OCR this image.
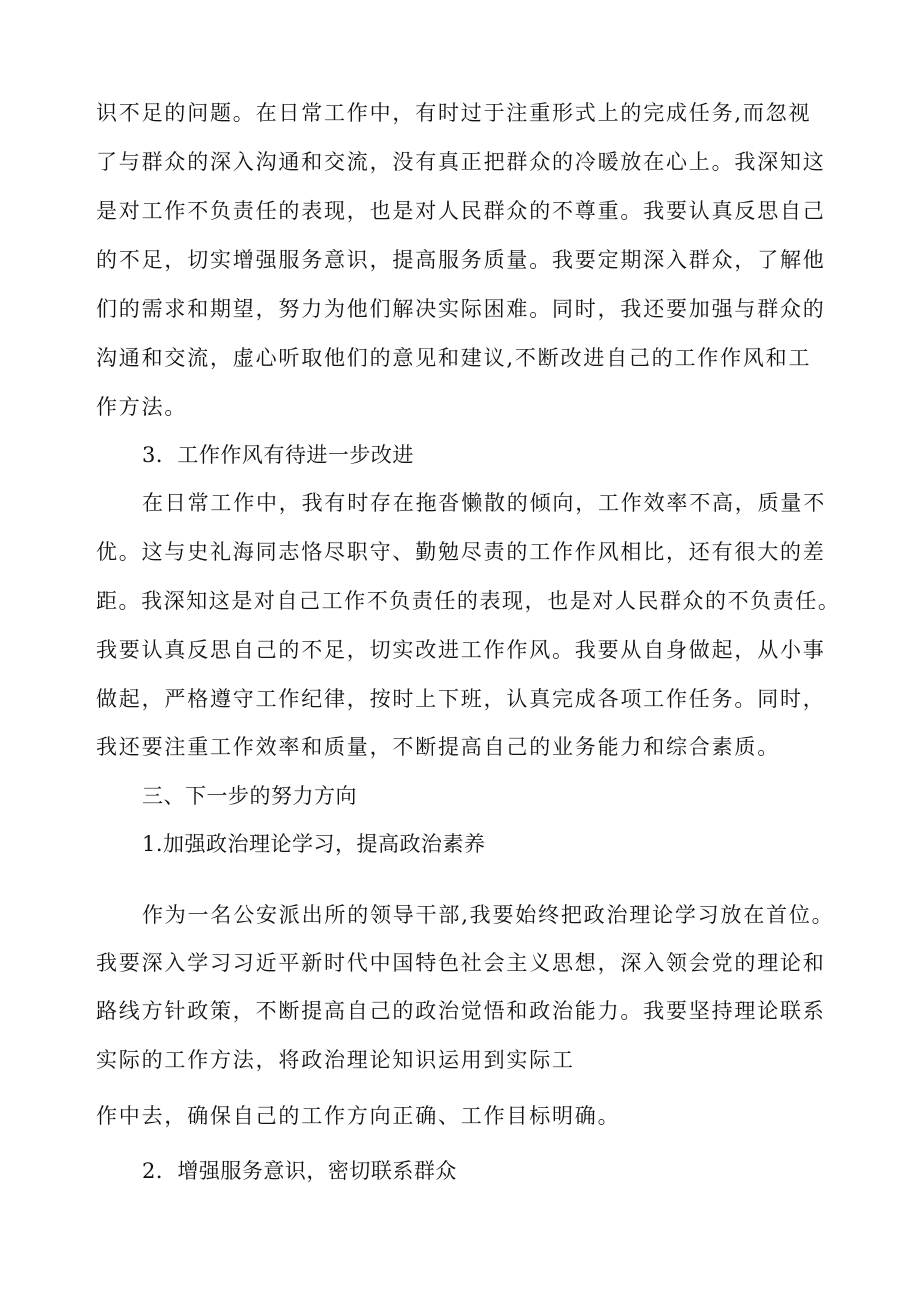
识不足的问题。在日常工作中，有时过于注重形式上的完成任务,而忽视
了与群众的深入沟通和交流，没有真正把群众的冷暖放在心上。我深知这
是对工作不负责任的表现，也是对人民群众的不尊重。我要认真反思自己
的不足，切实增强服务意识，提高服务质量。我要定期深入群众，了解他
们的需求和期望，努力为他们解决实际困难。同时，我还要加强与群众的
沟通和交流，虚心听取他们的意见和建议,不断改进自己的工作作风和工
作方法。
3．工作作风有待进一步改进
在日常工作中，我有时存在拖沓懒散的倾向，工作效率不高，质量不
优。这与史礼海同志恪尽职守、勤勉尽责的工作作风相比，还有很大的差
距。我深知这是对自己工作不负责任的表现，也是对人民群众的不负责任。
我要认真反思自己的不足，切实改进工作作风。我要从自身做起，从小事
做起，严格遵守工作纪律，按时上下班，认真完成各项工作任务。同时，
我还要注重工作效率和质量，不断提高自己的业务能力和综合素质。
三、下一步的努力方向
1.加强政治理论学习，提高政治素养
作为一名公安派出所的领导干部,我要始终把政治理论学习放在首位。
我要深入学习习近平新时代中国特色社会主义思想，深入领会党的理论和
路线方针政策，不断提高自己的政治觉悟和政治能力。我要坚持理论联系
实际的工作方法，将政治理论知识运用到实际工
作中去，确保自己的工作方向正确、工作目标明确。
2．增强服务意识，密切联系群众
